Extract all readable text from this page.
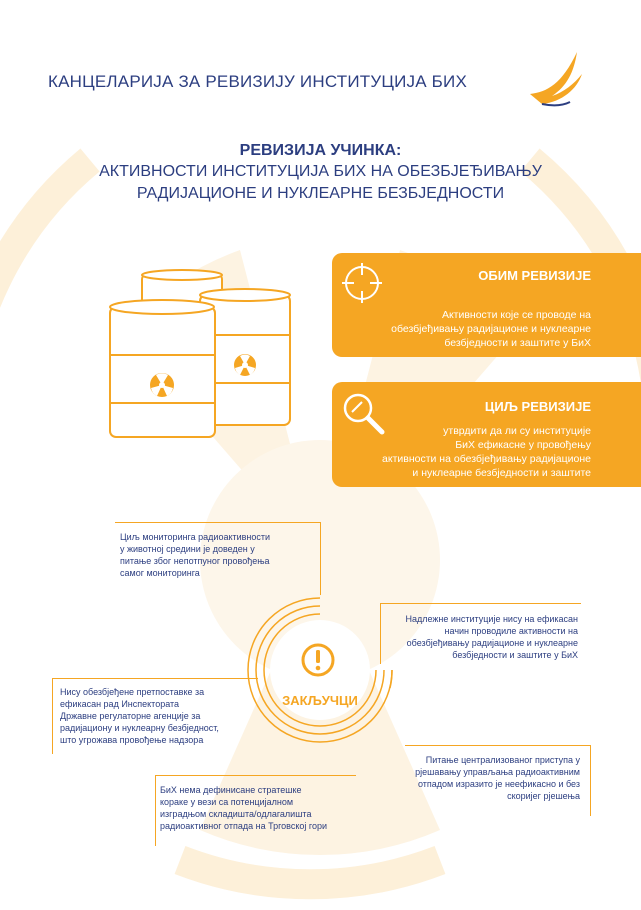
КАНЦЕЛАРИЈА ЗА РЕВИЗИЈУ ИНСТИТУЦИЈА БИХ
РЕВИЗИЈА УЧИНКА:
АКТИВНОСТИ ИНСТИТУЦИЈА БИХ НА ОБЕЗБЈЕЂИВАЊУ
РАДИЈАЦИОНЕ И НУКЛЕАРНЕ БЕЗБЈЕДНОСТИ
ОБИМ РЕВИЗИЈЕ
Активности које се проводе на
обезбјеђивању радијационе и нуклеарне
безбједности и заштите у БиХ
ЦИЉ РЕВИЗИЈЕ
утврдити да ли су институције
БиХ ефикасне у провођењу
активности на обезбјеђивању радијационе
и нуклеарне безбједности и заштите
ЗАКЉУЧЦИ
Циљ мониторинга радиоактивности
у животној средини је доведен у
питање због непотпуног провођења
самог мониторинга
Надлежне институције нису на ефикасан
начин проводиле активности на
обезбјеђивању радијационе и нуклеарне
безбједности и заштите у БиХ
Нису обезбјеђене претпоставке за
ефикасан рад Инспектората
Државне регулаторне агенције за
радијациону и нуклеарну безбједност,
што угрожава провођење надзора
Питање централизованог приступа у
рјешавању управљања радиоактивним
отпадом изразито је неефикасно и без
скоријег рјешења
БиХ нема дефинисане стратешке
кораке у вези са потенцијалном
изградњом складишта/одлагалишта
радиоактивног отпада на Трговској гори
